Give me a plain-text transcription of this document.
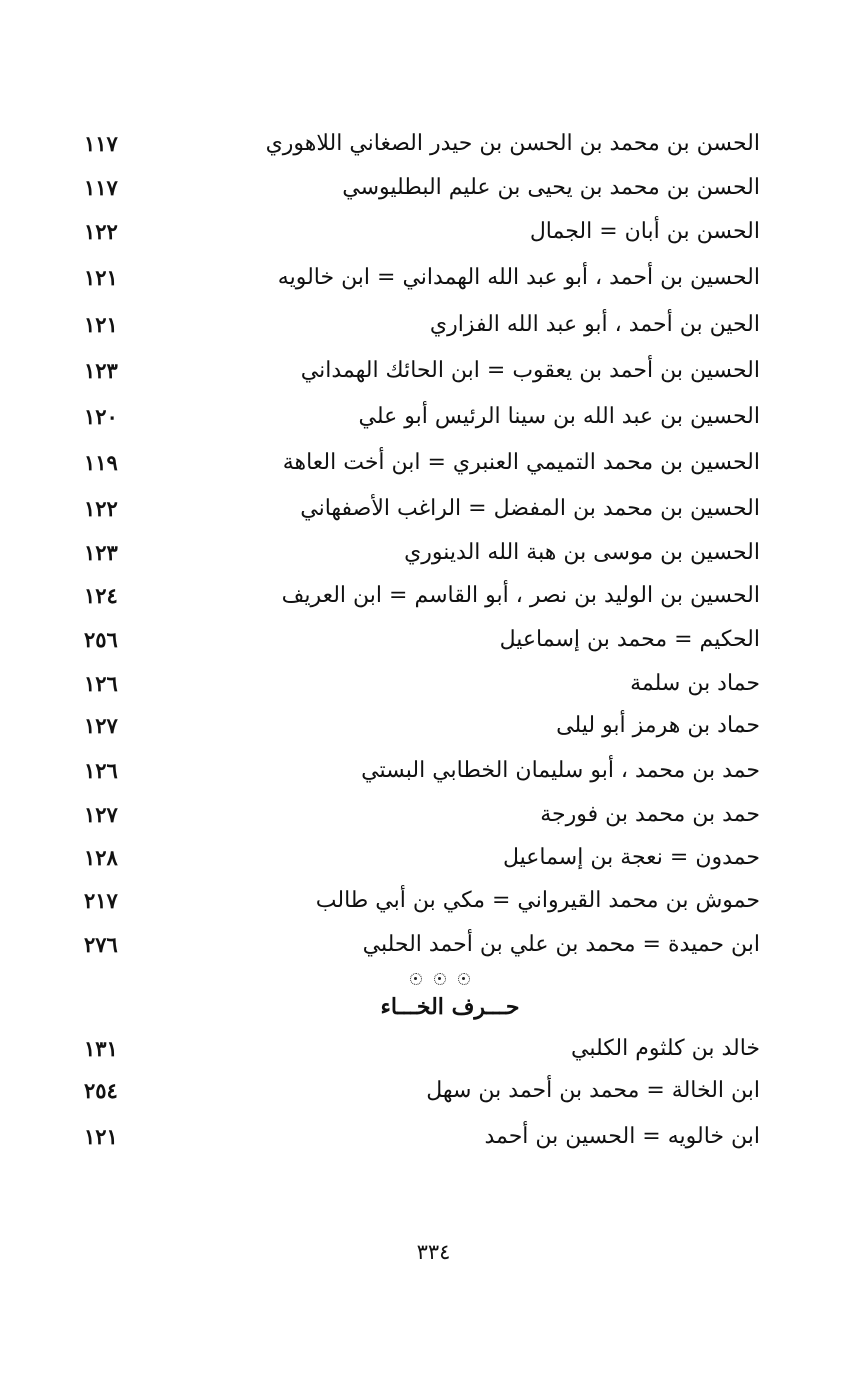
الحسن بن محمد بن الحسن بن حيدر الصغاني اللاهوري
١١٧
الحسن بن محمد بن يحيى بن عليم البطليوسي
١١٧
الحسن بن أبان = الجمال
١٢٢
الحسين بن أحمد ، أبو عبد الله الهمداني = ابن خالويه
١٢١
الحين بن أحمد ، أبو عبد الله الفزاري
١٢١
الحسين بن أحمد بن يعقوب = ابن الحائك الهمداني
١٢٣
الحسين بن عبد الله بن سينا الرئيس أبو علي
١٢٠
الحسين بن محمد التميمي العنبري = ابن أخت العاهة
١١٩
الحسين بن محمد بن المفضل = الراغب الأصفهاني
١٢٢
الحسين بن موسى بن هبة الله الدينوري
١٢٣
الحسين بن الوليد بن نصر ، أبو القاسم = ابن العريف
١٢٤
الحكيم = محمد بن إسماعيل
٢٥٦
حماد بن سلمة
١٢٦
حماد بن هرمز أبو ليلى
١٢٧
حمد بن محمد ، أبو سليمان الخطابي البستي
١٢٦
حمد بن محمد بن فورجة
١٢٧
حمدون = نعجة بن إسماعيل
١٢٨
حموش بن محمد القيرواني = مكي بن أبي طالب
٢١٧
ابن حميدة = محمد بن علي بن أحمد الحلبي
٢٧٦
حـــرف الخـــاء
خالد بن كلثوم الكلبي
١٣١
ابن الخالة = محمد بن أحمد بن سهل
٢٥٤
ابن خالويه = الحسين بن أحمد
١٢١
٣٣٤
